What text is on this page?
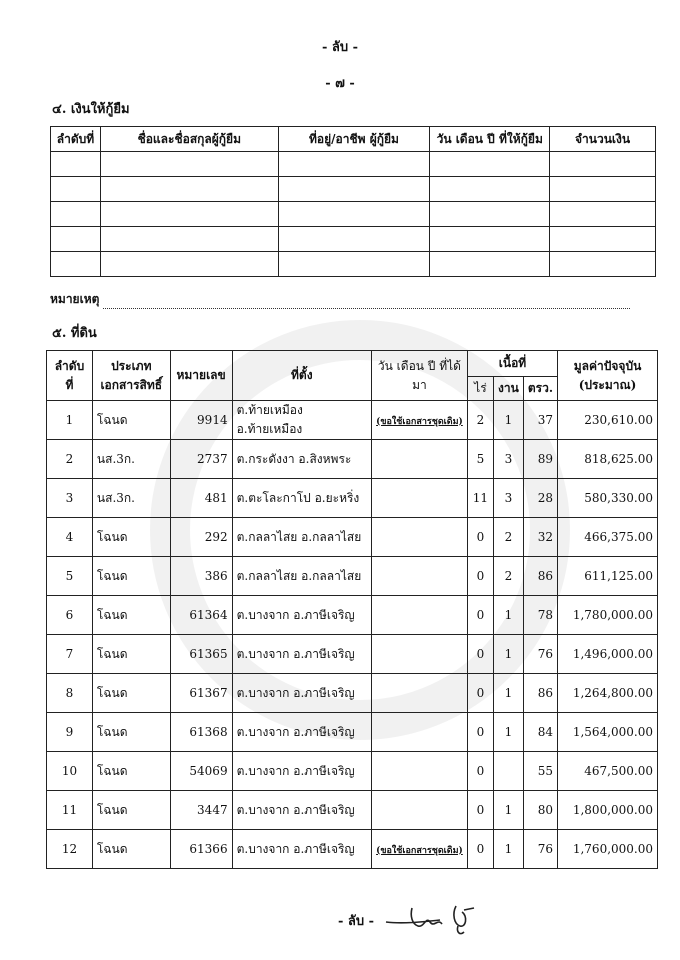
- ลับ -
- ๗ -
๔. เงินให้กู้ยืม
ลำดับที่	ชื่อและชื่อสกุลผู้กู้ยืม	ที่อยู่/อาชีพ ผู้กู้ยืม	วัน เดือน ปี ที่ให้กู้ยืม	จำนวนเงิน

หมายเหตุ
๕. ที่ดิน
ลำดับ ที่	ประเภท เอกสารสิทธิ์	หมายเลข	ที่ตั้ง	วัน เดือน ปี ที่ได้มา	เนื้อที่			มูลค่าปัจจุบัน (ประมาณ)
					ไร่	งาน	ตรว.	
1	โฉนด	9914	ต.ท้ายเหมือง อ.ท้ายเหมือง	(ขอใช้เอกสารชุดเดิม)	2	1	37	230,610.00
2	นส.3ก.	2737	ต.กระดังงา อ.สิงหพระ		5	3	89	818,625.00
3	นส.3ก.	481	ต.ตะโละกาโป อ.ยะหริ่ง		11	3	28	580,330.00
4	โฉนด	292	ต.กลลาไสย อ.กลลาไสย		0	2	32	466,375.00
5	โฉนด	386	ต.กลลาไสย อ.กลลาไสย		0	2	86	611,125.00
6	โฉนด	61364	ต.บางจาก อ.ภาษีเจริญ		0	1	78	1,780,000.00
7	โฉนด	61365	ต.บางจาก อ.ภาษีเจริญ		0	1	76	1,496,000.00
8	โฉนด	61367	ต.บางจาก อ.ภาษีเจริญ		0	1	86	1,264,800.00
9	โฉนด	61368	ต.บางจาก อ.ภาษีเจริญ		0	1	84	1,564,000.00
10	โฉนด	54069	ต.บางจาก อ.ภาษีเจริญ		0		55	467,500.00
11	โฉนด	3447	ต.บางจาก อ.ภาษีเจริญ		0	1	80	1,800,000.00
12	โฉนด	61366	ต.บางจาก อ.ภาษีเจริญ	(ขอใช้เอกสารชุดเดิม)	0	1	76	1,760,000.00
- ลับ -
